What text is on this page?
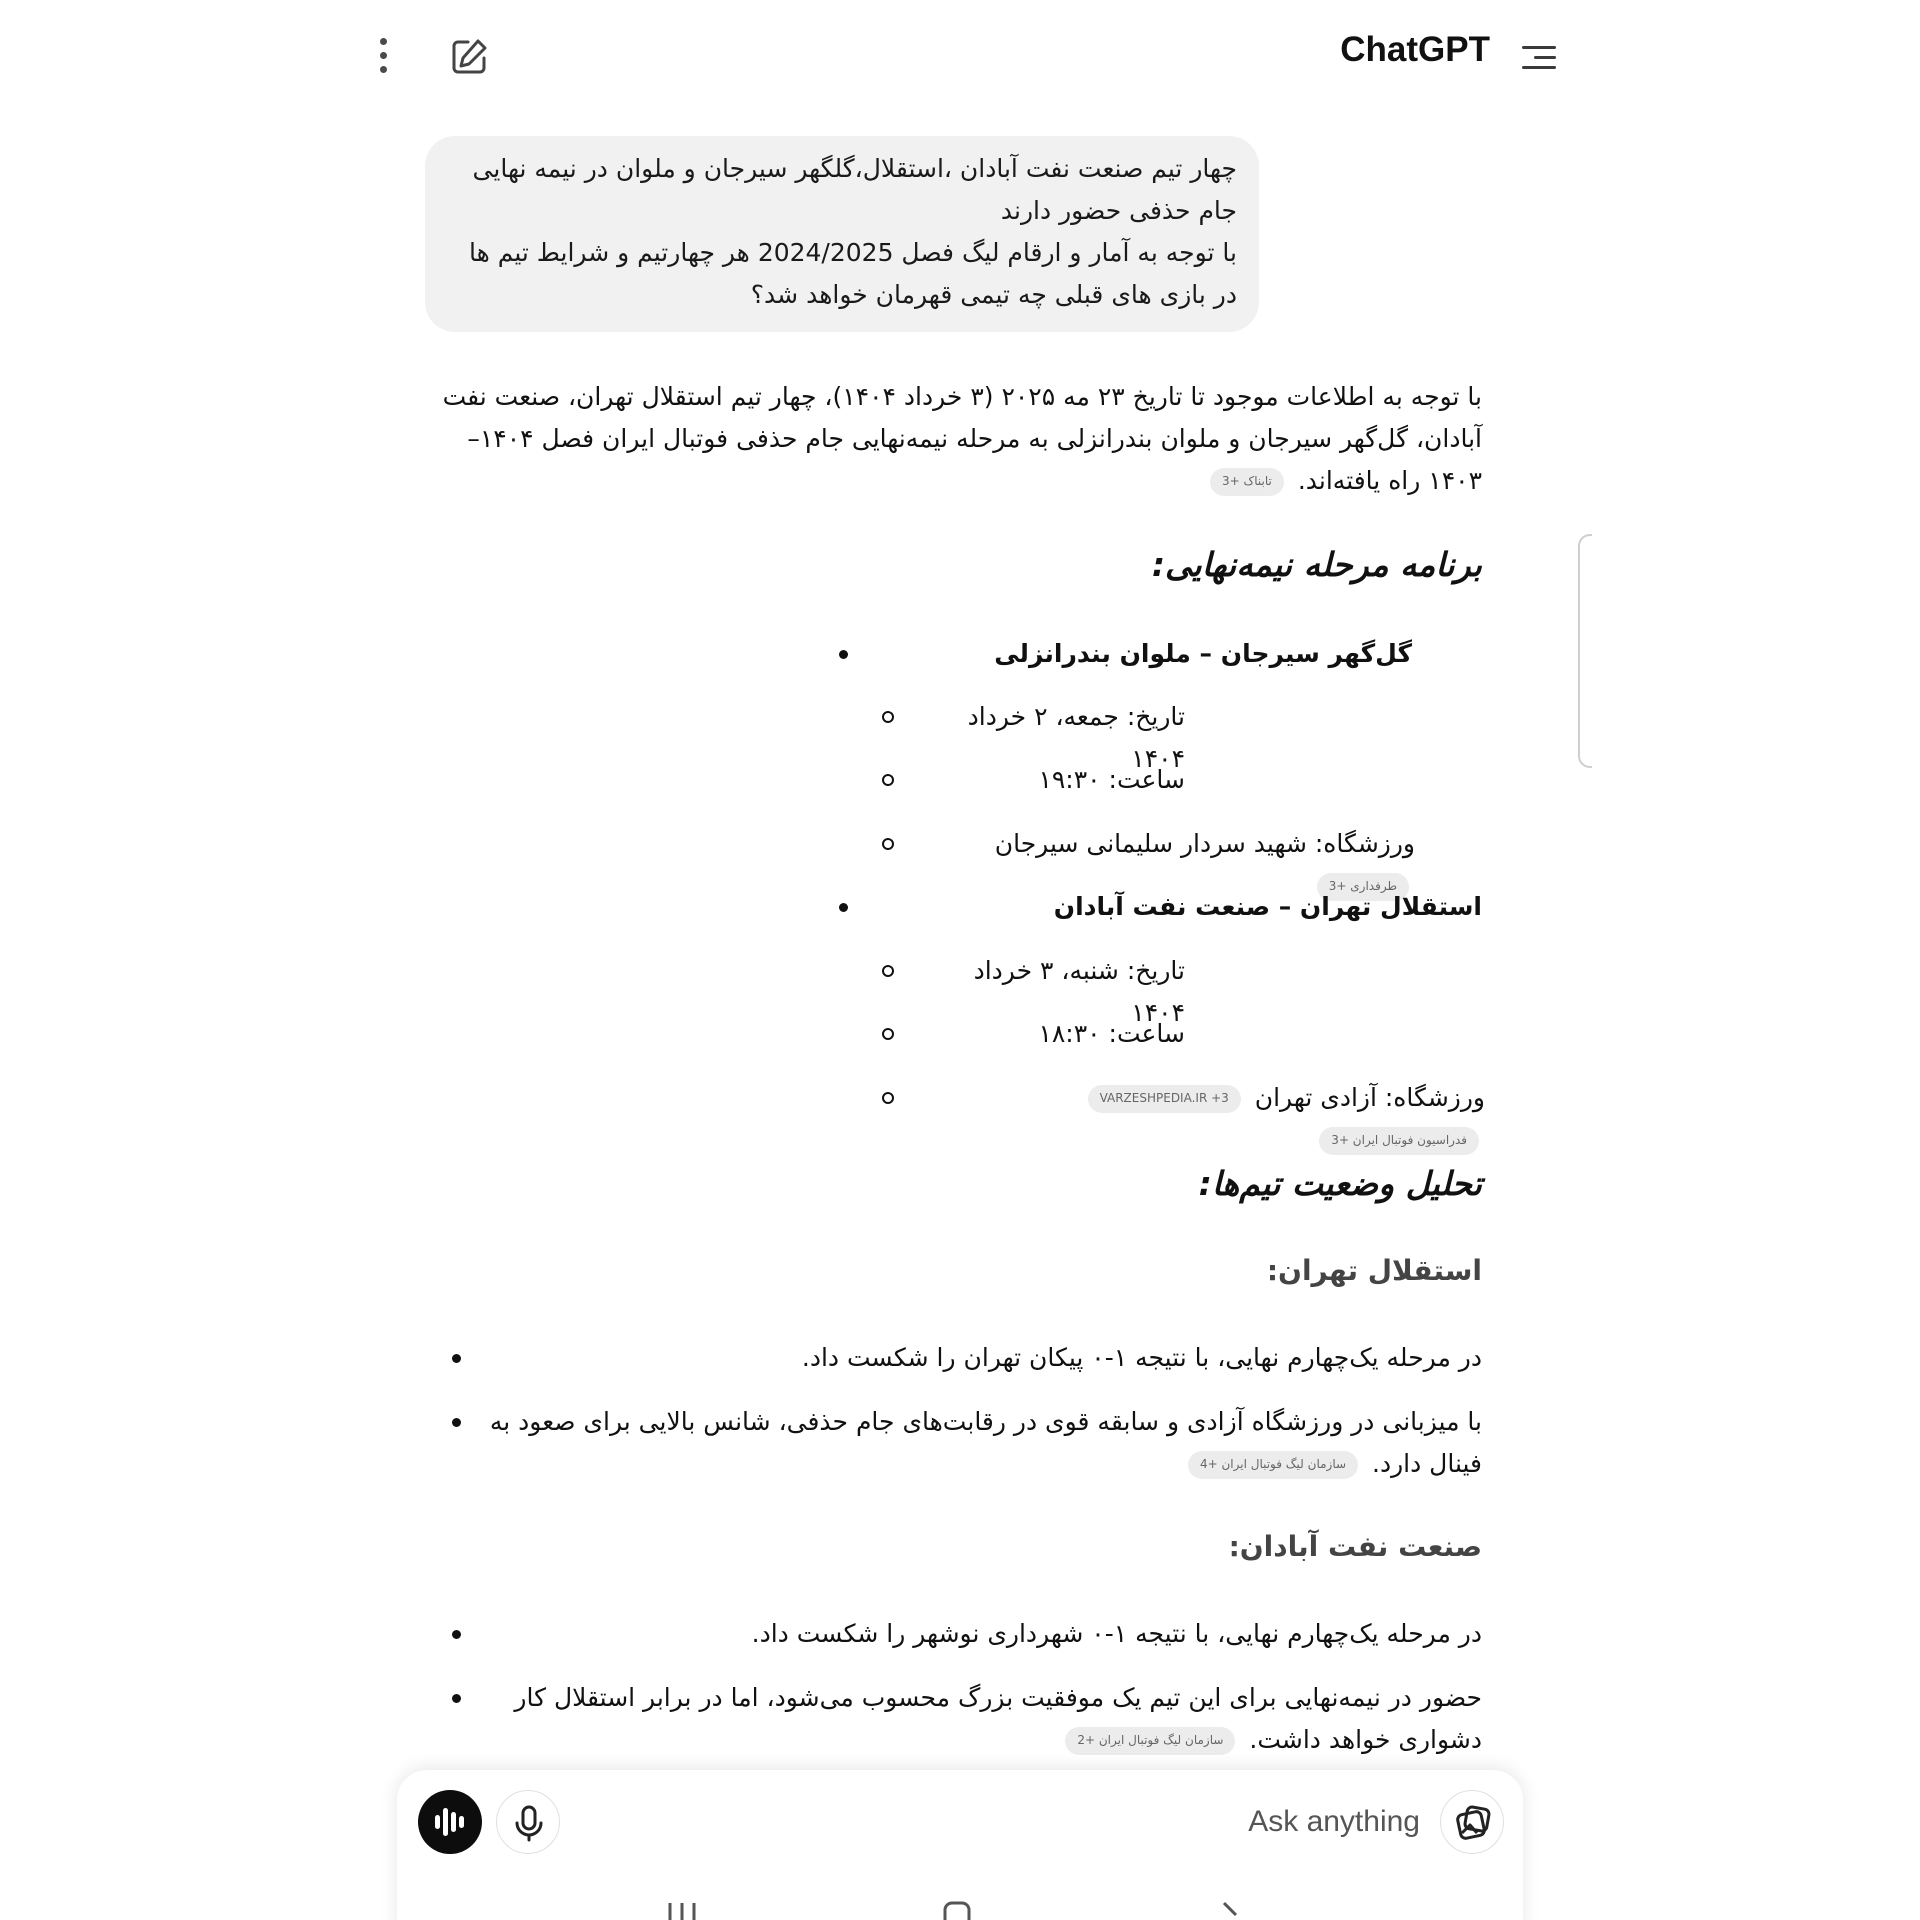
ChatGPT

چهار تیم صنعت نفت آبادان ،استقلال،گلگهر سیرجان و ملوان در نیمه نهایی

جام حذفی حضور دارند

با توجه به آمار و ارقام لیگ فصل 2024/2025 هر چهارتیم و شرایط تیم ها

در بازی های قبلی چه تیمی قهرمان خواهد شد؟

با توجه به اطلاعات موجود تا تاریخ ۲۳ مه ۲۰۲۵ (۳ خرداد ۱۴۰۴)، چهار تیم استقلال تهران، صنعت نفت آبادان، گل‌گهر سیرجان و ملوان بندرانزلی به مرحله نیمه‌نهایی جام حذفی فوتبال ایران فصل ۱۴۰۴–۱۴۰۳ راه یافته‌اند. تابناک +3
برنامه مرحله نیمه‌نهایی:
گل‌گهر سیرجان – ملوان بندرانزلی
تاریخ: جمعه، ۲ خرداد ۱۴۰۴
ساعت: ۱۹:۳۰
ورزشگاه: شهید سردار سلیمانی سیرجان طرفداری +3
استقلال تهران – صنعت نفت آبادان
تاریخ: شنبه، ۳ خرداد ۱۴۰۴
ساعت: ۱۸:۳۰
ورزشگاه: آزادی تهران VARZESHPEDIA.IR +3 فدراسیون فوتبال ایران +3
تحلیل وضعیت تیم‌ها:
استقلال تهران:
در مرحله یک‌چهارم نهایی، با نتیجه ۱-۰ پیکان تهران را شکست داد.
با میزبانی در ورزشگاه آزادی و سابقه قوی در رقابت‌های جام حذفی، شانس بالایی برای صعود به فینال دارد. سازمان لیگ فوتبال ایران +4
صنعت نفت آبادان:
در مرحله یک‌چهارم نهایی، با نتیجه ۱-۰ شهرداری نوشهر را شکست داد.
حضور در نیمه‌نهایی برای این تیم یک موفقیت بزرگ محسوب می‌شود، اما در برابر استقلال کار دشواری خواهد داشت. سازمان لیگ فوتبال ایران +2
Ask anything
